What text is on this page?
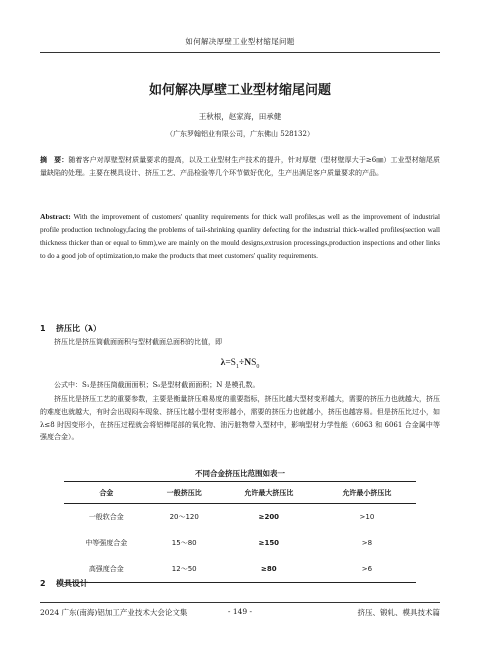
如何解决厚壁工业型材缩尾问题
如何解决厚壁工业型材缩尾问题
王秋根，赵家海，田承健
（广东罗翰铝业有限公司，广东佛山 528132）
摘　要：随着客户对厚壁型材质量要求的提高，以及工业型材生产技术的提升，针对厚壁（型材壁厚大于≥6㎜）工业型材缩尾质量缺陷的处理。主要在模具设计、挤压工艺、产品检验等几个环节做好优化，生产出满足客户质量要求的产品。
Abstract: With the improvement of customers' quanlity requirements for thick wall profiles,as well as the improvement of industrial profile production technology,facing the problems of tail-shrinking quanlity defecting for the industrial thick-walled profiles(section wall thickness thicker than or equal to 6mm),we are mainly on the mould designs,extrusion processings,production inspections and other links to do a good job of optimization,to make the products that meet customers' quality requirements.
1 挤压比（λ）
挤压比是挤压筒截面面积与型材截面总面积的比值，即
$\lambda=S_1\div NS_0$
公式中：S₁是挤压筒截面面积；S₀是型材截面面积；N 是模孔数。
挤压比是挤压工艺的重要参数，主要是衡量挤压难易度的重要指标，挤压比越大型材变形越大，需要的挤压力也就越大，挤压的难度也就越大，有时会出现闷车现象、挤压比越小型材变形越小，需要的挤压力也就越小，挤压也越容易。但是挤压比过小，如 λ≤8 时因变形小，在挤压过程就会将铝棒尾部的氧化物、油污脏物带入型材中，影响型材力学性能（6063 和 6061 合金属中等强度合金）。
不同合金挤压比范围如表一
合金	一般挤压比	允许最大挤压比	允许最小挤压比
一般软合金	20～120	≥200	>10
中等强度合金	15～80	≥150	>8
高强度合金	12～50	≥80	>6
2 模具设计
2024 广东(南海)铝加工产业技术大会论文集	- 149 -	挤压、锻轧、模具技术篇
